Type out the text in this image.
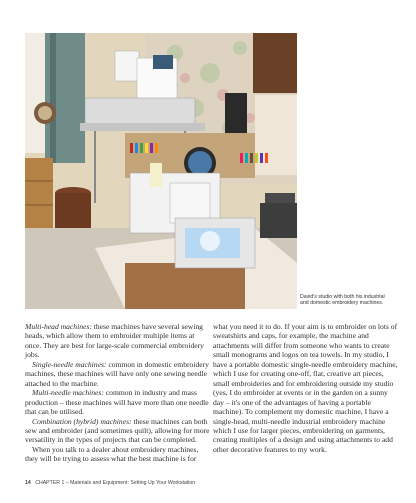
David's studio with both his industrial and domestic embroidery machines.

Multi-head machines: these machines have several sewing heads, which allow them to embroider multiple items at once. They are best for large-scale commercial embroidery jobs.

Single-needle machines: common in domestic embroidery machines, these machines will have only one sewing needle attached to the machine.

Multi-needle machines: common in industry and mass production – these machines will have more than one needle that can be utilised.

Combination (hybrid) machines: these machines can both sew and embroider (and sometimes quilt), allowing for more versatility in the types of projects that can be completed.

When you talk to a dealer about embroidery machines, they will be trying to assess what the best machine is for

what you need it to do. If your aim is to embroider on lots of sweatshirts and caps, for example, the machine and attachments will differ from someone who wants to create small monograms and logos on tea towels. In my studio, I have a portable domestic single-needle embroidery machine, which I use for creating one-off, flat, creative art pieces, small embroideries and for embroidering outside my studio (yes, I do embroider at events or in the garden on a sunny day – it's one of the advantages of having a portable machine). To complement my domestic machine, I have a single-head, multi-needle industrial embroidery machine which I use for larger pieces, embroidering on garments, creating multiples of a design and using attachments to add other decorative features to my work.

14 CHAPTER 1 – Materials and Equipment: Setting Up Your Workstation
